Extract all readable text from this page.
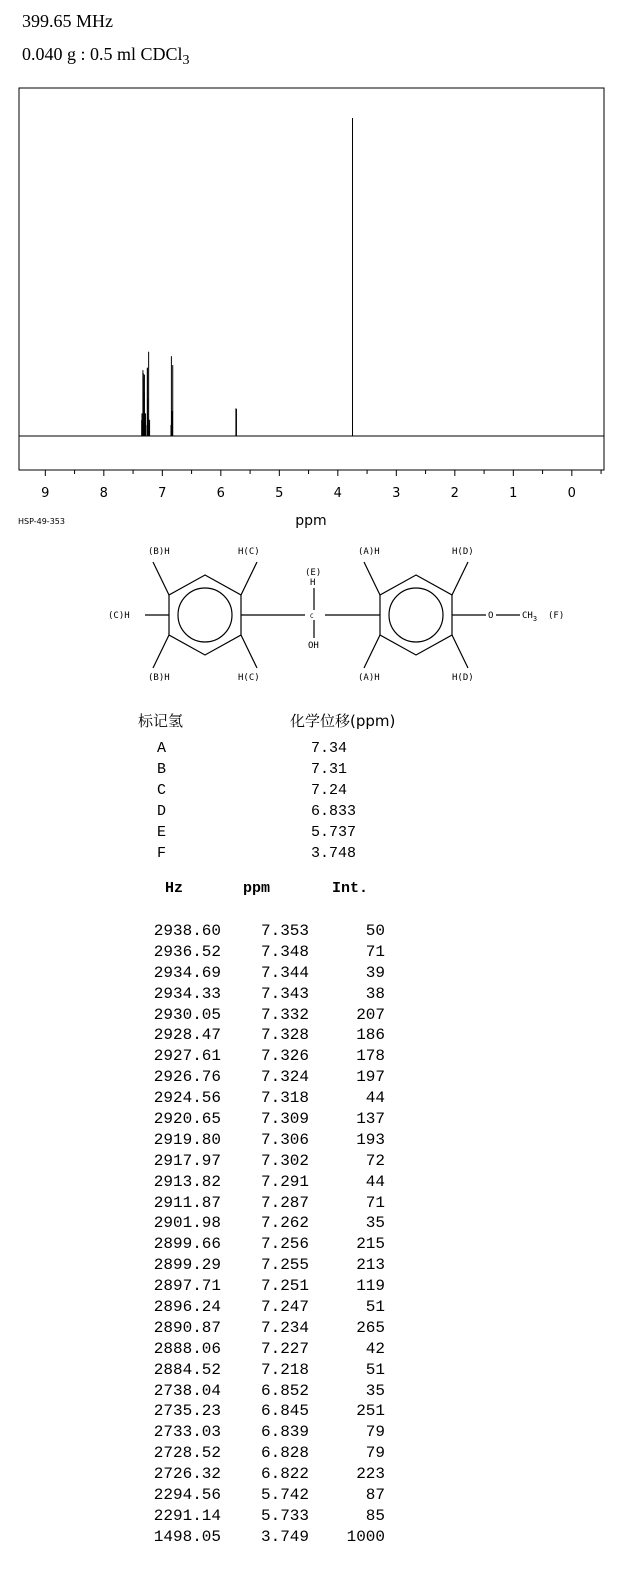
399.65 MHz
0.040 g : 0.5 ml CDCl$_3$
9	8	7	6	5	4	3	2	1	0
ppm
HSP-49-353
(B)H	H(C)
(C)H
(B)H	H(C)
(E)
H
C
OH
(A)H	H(D)
(A)H	H(D)
O	$CH_3$ (F)
标记氢	化学位移(ppm)
A	7.34
B	7.31
C	7.24
D	6.833
E	5.737
F	3.748
Hz	ppm	Int.
2938.60	7.353	50
2936.52	7.348	71
2934.69	7.344	39
2934.33	7.343	38
2930.05	7.332	207
2928.47	7.328	186
2927.61	7.326	178
2926.76	7.324	197
2924.56	7.318	44
2920.65	7.309	137
2919.80	7.306	193
2917.97	7.302	72
2913.82	7.291	44
2911.87	7.287	71
2901.98	7.262	35
2899.66	7.256	215
2899.29	7.255	213
2897.71	7.251	119
2896.24	7.247	51
2890.87	7.234	265
2888.06	7.227	42
2884.52	7.218	51
2738.04	6.852	35
2735.23	6.845	251
2733.03	6.839	79
2728.52	6.828	79
2726.32	6.822	223
2294.56	5.742	87
2291.14	5.733	85
1498.05	3.749	1000
